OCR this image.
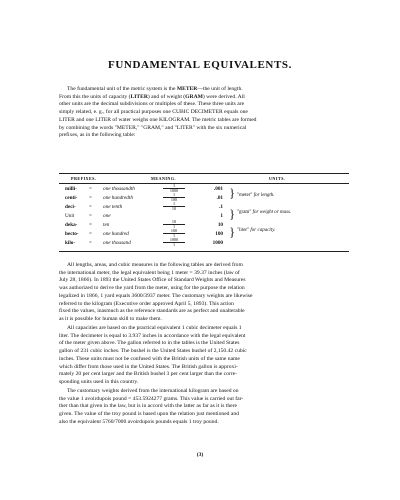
FUNDAMENTAL EQUIVALENTS.
The fundamental unit of the metric system is the METER—the unit of length.
From this the units of capacity (LITER) and of weight (GRAM) were derived. All
other units are the decimal subdivisions or multiples of these. These three units are
simply related, e. g., for all practical purposes one CUBIC DECIMETER equals one
LITER and one LITER of water weighs one KILOGRAM. The metric tables are formed
by combining the words "METER," "GRAM," and "LITER" with the six numerical
prefixes, as in the following table:
PREFIXES.	MEANING.	UNITS.
milli- = one thousandth	$\frac{1}{1000}$	.001
centi- = one hundredth	$\frac{1}{100}$	.01
deci-	= one tenth	$\frac{1}{10}$	.1
Unit	= one	1
deka- = ten	$\frac{10}{1}$	10
hecto- = one hundred	$\frac{100}{1}$	100
kilo-	= one thousand	$\frac{1000}{1}$	1000
} "meter" for length.
} "gram" for weight or mass.
} "liter" for capacity.
All lengths, areas, and cubic measures in the following tables are derived from
the international meter, the legal equivalent being 1 meter = 39.37 inches (law of
July 28, 1866). In 1893 the United States Office of Standard Weights and Measures
was authorized to derive the yard from the meter, using for the purpose the relation
legalized in 1866, 1 yard equals 3600/3937 meter. The customary weights are likewise
referred to the kilogram (Executive order approved April 5, 1893). This action
fixed the values, inasmuch as the reference standards are as perfect and unalterable
as it is possible for human skill to make them.
All capacities are based on the practical equivalent 1 cubic decimeter equals 1
liter. The decimeter is equal to 3.937 inches in accordance with the legal equivalent
of the meter given above. The gallon referred to in the tables is the United States
gallon of 231 cubic inches. The bushel is the United States bushel of 2,150.42 cubic
inches. These units must not be confused with the British units of the same name
which differ from those used in the United States. The British gallon is approxi-
mately 20 per cent larger and the British bushel 3 per cent larger than the corre-
sponding units used in this country.
The customary weights derived from the international kilogram are based on
the value 1 avoirdupois pound = 453.5924277 grams. This value is carried out far-
ther than that given in the law, but is in accord with the latter as far as it is there
given. The value of the troy pound is based upon the relation just mentioned and
also the equivalent 5760/7000 avoirdupois pounds equals 1 troy pound.
(3)
